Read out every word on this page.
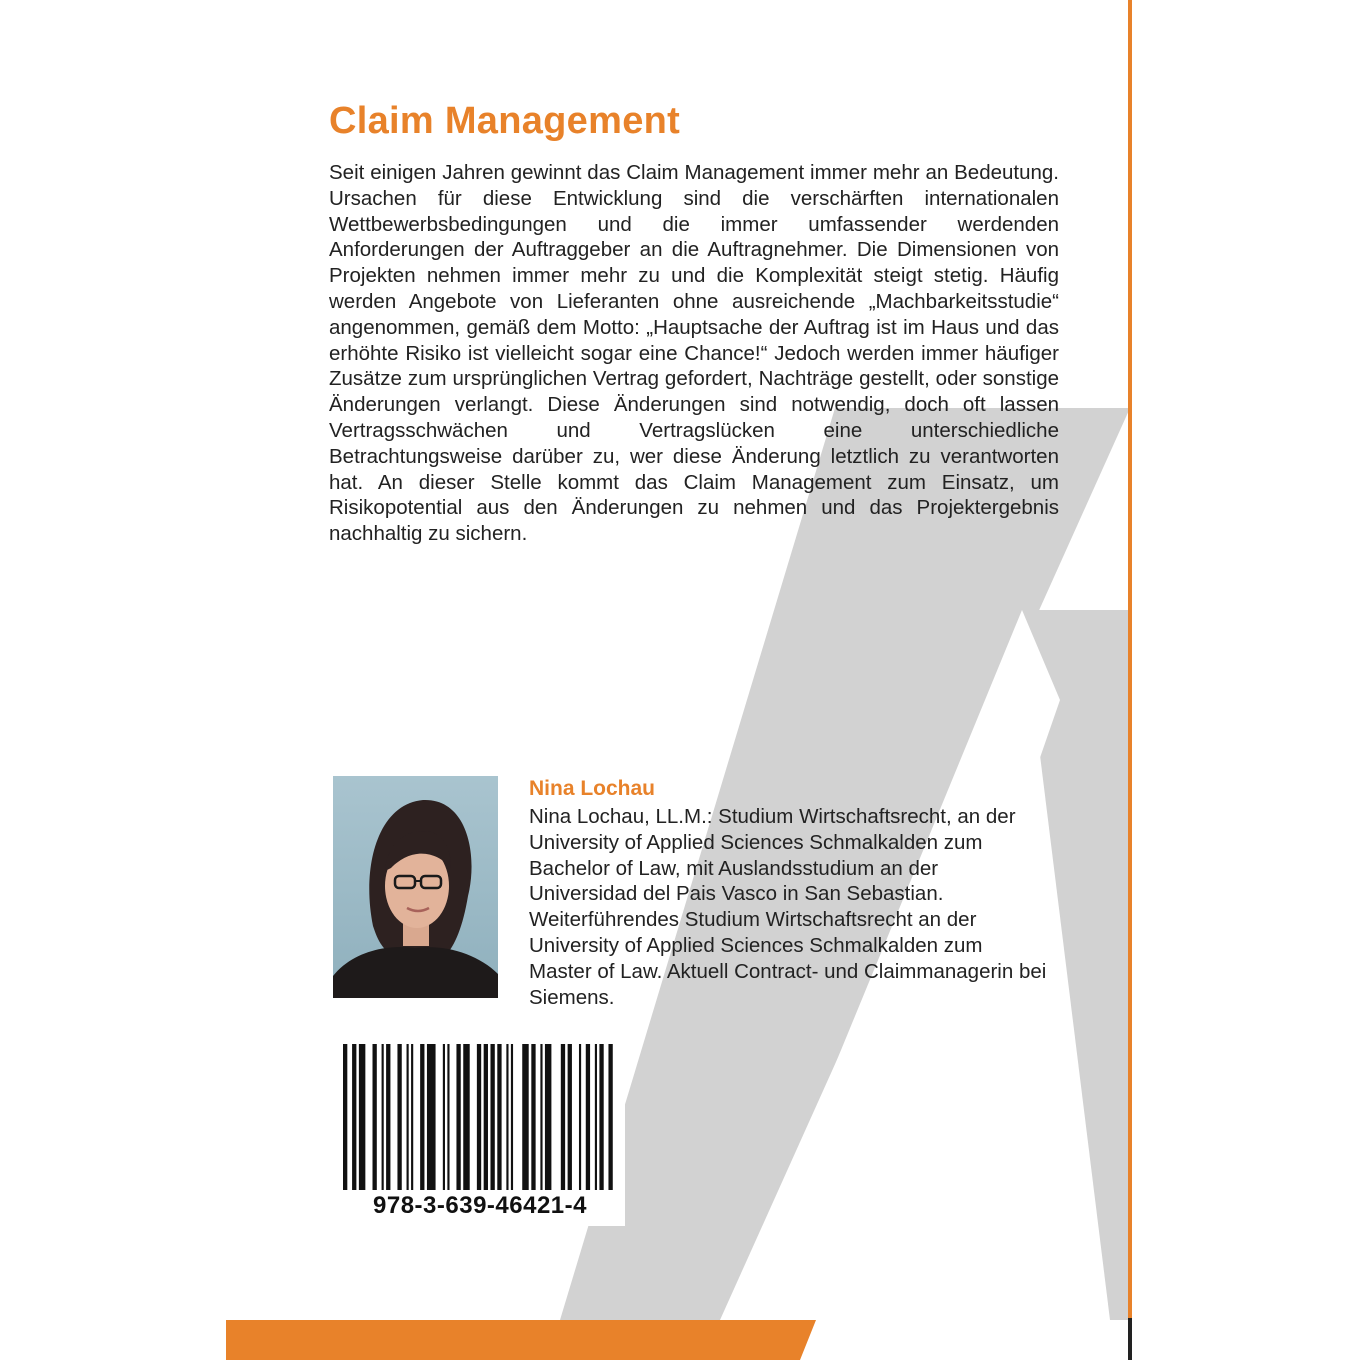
Claim Management

Seit einigen Jahren gewinnt das Claim Management immer mehr an Bedeutung. Ursachen für diese Entwicklung sind die verschärften internationalen Wettbewerbsbedingungen und die immer umfassender werdenden Anforderungen der Auftraggeber an die Auftragnehmer. Die Dimensionen von Projekten nehmen immer mehr zu und die Komplexität steigt stetig. Häufig werden Angebote von Lieferanten ohne ausreichende „Machbarkeitsstudie“ angenommen, gemäß dem Motto: „Hauptsache der Auftrag ist im Haus und das erhöhte Risiko ist vielleicht sogar eine Chance!“ Jedoch werden immer häufiger Zusätze zum ursprünglichen Vertrag gefordert, Nachträge gestellt, oder sonstige Änderungen verlangt. Diese Änderungen sind notwendig, doch oft lassen Vertragsschwächen und Vertragslücken eine unterschiedliche Betrachtungsweise darüber zu, wer diese Änderung letztlich zu verantworten hat. An dieser Stelle kommt das Claim Management zum Einsatz, um Risikopotential aus den Änderungen zu nehmen und das Projektergebnis nachhaltig zu sichern.

Nina Lochau

Nina Lochau, LL.M.: Studium Wirtschaftsrecht, an der University of Applied Sciences Schmalkalden zum Bachelor of Law, mit Auslandsstudium an der Universidad del Pais Vasco in San Sebastian. Weiterführendes Studium Wirtschaftsrecht an der University of Applied Sciences Schmalkalden zum Master of Law. Aktuell Contract- und Claimmanagerin bei Siemens.

978-3-639-46421-4
